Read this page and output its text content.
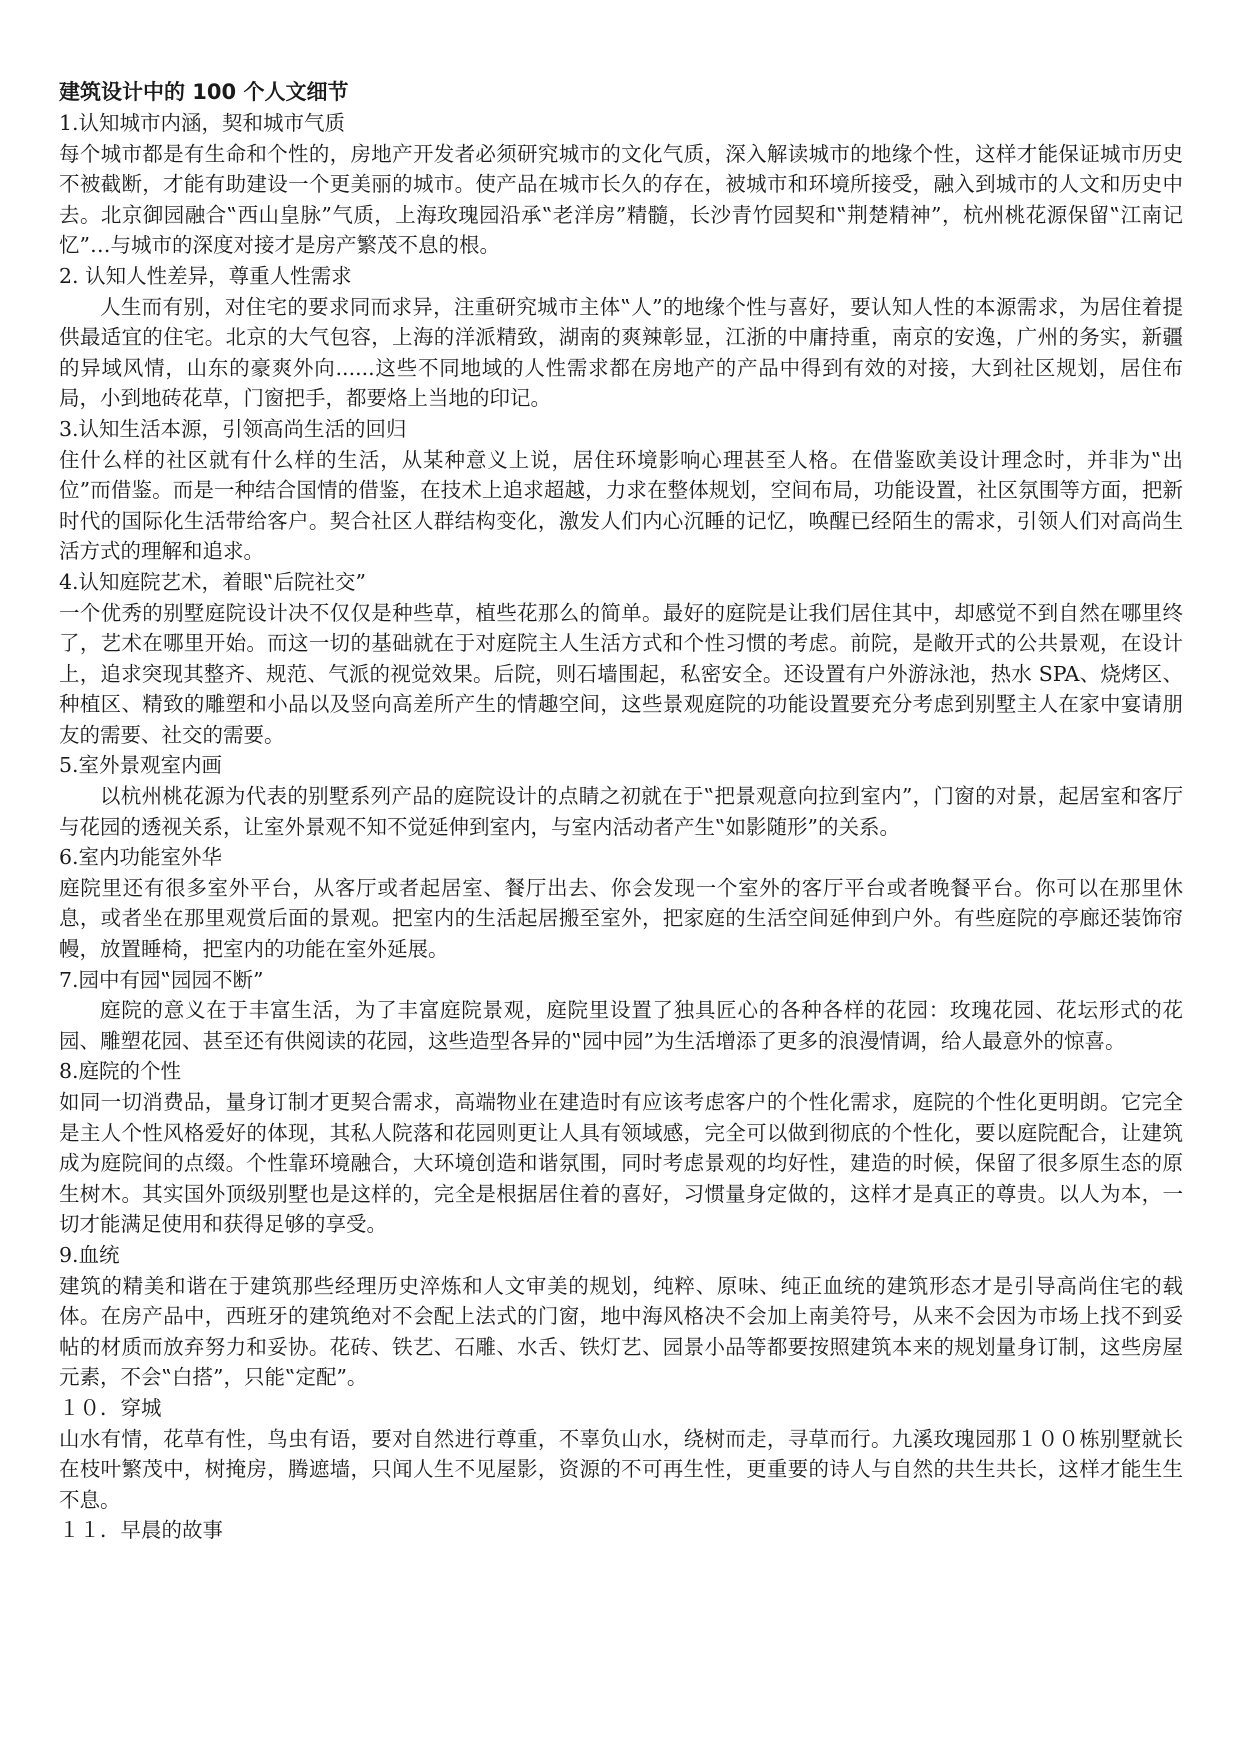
建筑设计中的 100 个人文细节

1.认知城市内涵，契和城市气质

每个城市都是有生命和个性的，房地产开发者必须研究城市的文化气质，深入解读城市的地缘个性，这样才能保证城市历史不被截断，才能有助建设一个更美丽的城市。使产品在城市长久的存在，被城市和环境所接受，融入到城市的人文和历史中去。北京御园融合‟西山皇脉”气质，上海玫瑰园沿承‟老洋房”精髓，长沙青竹园契和‟荆楚精神”，杭州桃花源保留‟江南记忆”…与城市的深度对接才是房产繁茂不息的根。

2. 认知人性差异，尊重人性需求

人生而有别，对住宅的要求同而求异，注重研究城市主体‟人”的地缘个性与喜好，要认知人性的本源需求，为居住着提供最适宜的住宅。北京的大气包容，上海的洋派精致，湖南的爽辣彰显，江浙的中庸持重，南京的安逸，广州的务实，新疆的异域风情，山东的豪爽外向......这些不同地域的人性需求都在房地产的产品中得到有效的对接，大到社区规划，居住布局，小到地砖花草，门窗把手，都要烙上当地的印记。

3.认知生活本源，引领高尚生活的回归

住什么样的社区就有什么样的生活，从某种意义上说，居住环境影响心理甚至人格。在借鉴欧美设计理念时，并非为‟出位”而借鉴。而是一种结合国情的借鉴，在技术上追求超越，力求在整体规划，空间布局，功能设置，社区氛围等方面，把新时代的国际化生活带给客户。契合社区人群结构变化，激发人们内心沉睡的记忆，唤醒已经陌生的需求，引领人们对高尚生活方式的理解和追求。

4.认知庭院艺术，着眼‟后院社交”

一个优秀的别墅庭院设计决不仅仅是种些草，植些花那么的简单。最好的庭院是让我们居住其中，却感觉不到自然在哪里终了，艺术在哪里开始。而这一切的基础就在于对庭院主人生活方式和个性习惯的考虑。前院，是敞开式的公共景观，在设计上，追求突现其整齐、规范、气派的视觉效果。后院，则石墙围起，私密安全。还设置有户外游泳池，热水 SPA、烧烤区、种植区、精致的雕塑和小品以及竖向高差所产生的情趣空间，这些景观庭院的功能设置要充分考虑到别墅主人在家中宴请朋友的需要、社交的需要。

5.室外景观室内画

以杭州桃花源为代表的别墅系列产品的庭院设计的点睛之初就在于‟把景观意向拉到室内”，门窗的对景，起居室和客厅与花园的透视关系，让室外景观不知不觉延伸到室内，与室内活动者产生‟如影随形”的关系。

6.室内功能室外华

庭院里还有很多室外平台，从客厅或者起居室、餐厅出去、你会发现一个室外的客厅平台或者晚餐平台。你可以在那里休息，或者坐在那里观赏后面的景观。把室内的生活起居搬至室外，把家庭的生活空间延伸到户外。有些庭院的亭廊还装饰帘幔，放置睡椅，把室内的功能在室外延展。

7.园中有园‟园园不断”

庭院的意义在于丰富生活，为了丰富庭院景观，庭院里设置了独具匠心的各种各样的花园：玫瑰花园、花坛形式的花园、雕塑花园、甚至还有供阅读的花园，这些造型各异的‟园中园”为生活增添了更多的浪漫情调，给人最意外的惊喜。

8.庭院的个性

如同一切消费品，量身订制才更契合需求，高端物业在建造时有应该考虑客户的个性化需求，庭院的个性化更明朗。它完全是主人个性风格爱好的体现，其私人院落和花园则更让人具有领域感，完全可以做到彻底的个性化，要以庭院配合，让建筑成为庭院间的点缀。个性靠环境融合，大环境创造和谐氛围，同时考虑景观的均好性，建造的时候，保留了很多原生态的原生树木。其实国外顶级别墅也是这样的，完全是根据居住着的喜好，习惯量身定做的，这样才是真正的尊贵。以人为本，一切才能满足使用和获得足够的享受。

9.血统

建筑的精美和谐在于建筑那些经理历史淬炼和人文审美的规划，纯粹、原味、纯正血统的建筑形态才是引导高尚住宅的载体。在房产品中，西班牙的建筑绝对不会配上法式的门窗，地中海风格决不会加上南美符号，从来不会因为市场上找不到妥帖的材质而放弃努力和妥协。花砖、铁艺、石雕、水舌、铁灯艺、园景小品等都要按照建筑本来的规划量身订制，这些房屋元素，不会‟白搭”，只能‟定配”。

１０．穿城

山水有情，花草有性，鸟虫有语，要对自然进行尊重，不辜负山水，绕树而走，寻草而行。九溪玫瑰园那１００栋别墅就长在枝叶繁茂中，树掩房，腾遮墙，只闻人生不见屋影，资源的不可再生性，更重要的诗人与自然的共生共长，这样才能生生不息。

１１．早晨的故事
